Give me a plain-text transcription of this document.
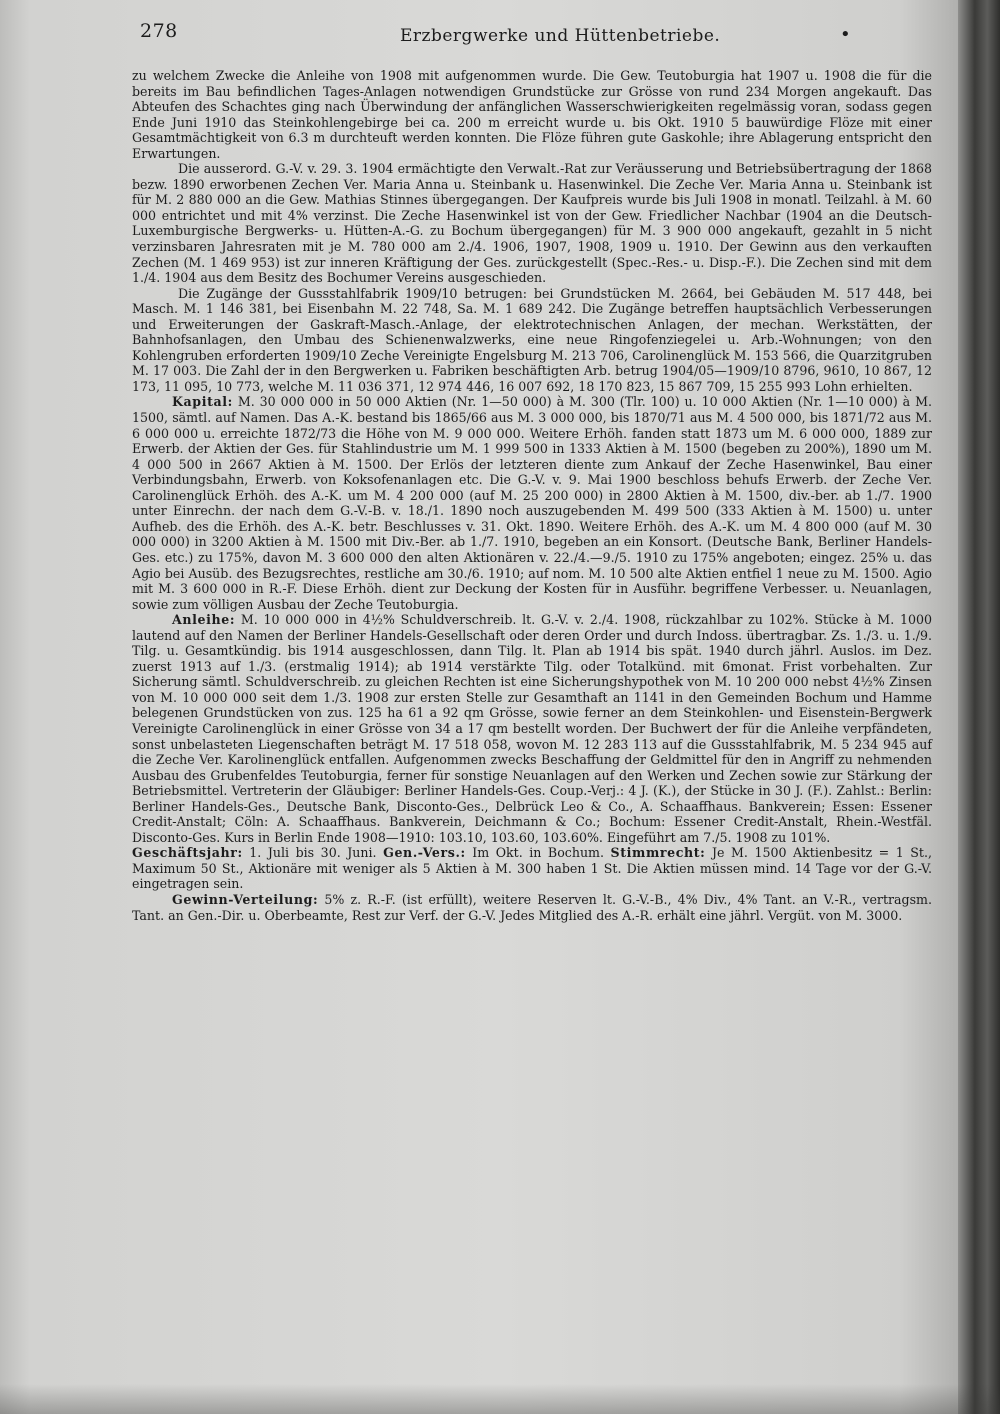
278	Erzbergwerke und Hüttenbetriebe.	•

zu welchem Zwecke die Anleihe von 1908 mit aufgenommen wurde. Die Gew. Teutoburgia hat 1907 u. 1908 die für die bereits im Bau befindlichen Tages-Anlagen notwendigen Grundstücke zur Grösse von rund 234 Morgen angekauft. Das Abteufen des Schachtes ging nach Überwindung der anfänglichen Wasserschwierigkeiten regelmässig voran, sodass gegen Ende Juni 1910 das Steinkohlengebirge bei ca. 200 m erreicht wurde u. bis Okt. 1910 5 bauwürdige Flöze mit einer Gesamtmächtigkeit von 6.3 m durchteuft werden konnten. Die Flöze führen gute Gaskohle; ihre Ablagerung entspricht den Erwartungen.

Die ausserord. G.-V. v. 29. 3. 1904 ermächtigte den Verwalt.-Rat zur Veräusserung und Betriebsübertragung der 1868 bezw. 1890 erworbenen Zechen Ver. Maria Anna u. Steinbank u. Hasenwinkel. Die Zeche Ver. Maria Anna u. Steinbank ist für M. 2 880 000 an die Gew. Mathias Stinnes übergegangen. Der Kaufpreis wurde bis Juli 1908 in monatl. Teilzahl. à M. 60 000 entrichtet und mit 4% verzinst. Die Zeche Hasenwinkel ist von der Gew. Friedlicher Nachbar (1904 an die Deutsch-Luxemburgische Bergwerks- u. Hütten-A.-G. zu Bochum übergegangen) für M. 3 900 000 angekauft, gezahlt in 5 nicht verzinsbaren Jahresraten mit je M. 780 000 am 2./4. 1906, 1907, 1908, 1909 u. 1910. Der Gewinn aus den verkauften Zechen (M. 1 469 953) ist zur inneren Kräftigung der Ges. zurückgestellt (Spec.-Res.- u. Disp.-F.). Die Zechen sind mit dem 1./4. 1904 aus dem Besitz des Bochumer Vereins ausgeschieden.

Die Zugänge der Gussstahlfabrik 1909/10 betrugen: bei Grundstücken M. 2664, bei Gebäuden M. 517 448, bei Masch. M. 1 146 381, bei Eisenbahn M. 22 748, Sa. M. 1 689 242. Die Zugänge betreffen hauptsächlich Verbesserungen und Erweiterungen der Gaskraft-Masch.-Anlage, der elektrotechnischen Anlagen, der mechan. Werkstätten, der Bahnhofsanlagen, den Umbau des Schienenwalzwerks, eine neue Ringofenziegelei u. Arb.-Wohnungen; von den Kohlengruben erforderten 1909/10 Zeche Vereinigte Engelsburg M. 213 706, Carolinenglück M. 153 566, die Quarzitgruben M. 17 003. Die Zahl der in den Bergwerken u. Fabriken beschäftigten Arb. betrug 1904/05—1909/10 8796, 9610, 10 867, 12 173, 11 095, 10 773, welche M. 11 036 371, 12 974 446, 16 007 692, 18 170 823, 15 867 709, 15 255 993 Lohn erhielten.

Kapital: M. 30 000 000 in 50 000 Aktien (Nr. 1—50 000) à M. 300 (Tlr. 100) u. 10 000 Aktien (Nr. 1—10 000) à M. 1500, sämtl. auf Namen. Das A.-K. bestand bis 1865/66 aus M. 3 000 000, bis 1870/71 aus M. 4 500 000, bis 1871/72 aus M. 6 000 000 u. erreichte 1872/73 die Höhe von M. 9 000 000. Weitere Erhöh. fanden statt 1873 um M. 6 000 000, 1889 zur Erwerb. der Aktien der Ges. für Stahlindustrie um M. 1 999 500 in 1333 Aktien à M. 1500 (begeben zu 200%), 1890 um M. 4 000 500 in 2667 Aktien à M. 1500. Der Erlös der letzteren diente zum Ankauf der Zeche Hasenwinkel, Bau einer Verbindungsbahn, Erwerb. von Koksofenanlagen etc. Die G.-V. v. 9. Mai 1900 beschloss behufs Erwerb. der Zeche Ver. Carolinenglück Erhöh. des A.-K. um M. 4 200 000 (auf M. 25 200 000) in 2800 Aktien à M. 1500, div.-ber. ab 1./7. 1900 unter Einrechn. der nach dem G.-V.-B. v. 18./1. 1890 noch auszugebenden M. 499 500 (333 Aktien à M. 1500) u. unter Aufheb. des die Erhöh. des A.-K. betr. Beschlusses v. 31. Okt. 1890. Weitere Erhöh. des A.-K. um M. 4 800 000 (auf M. 30 000 000) in 3200 Aktien à M. 1500 mit Div.-Ber. ab 1./7. 1910, begeben an ein Konsort. (Deutsche Bank, Berliner Handels-Ges. etc.) zu 175%, davon M. 3 600 000 den alten Aktionären v. 22./4.—9./5. 1910 zu 175% angeboten; eingez. 25% u. das Agio bei Ausüb. des Bezugsrechtes, restliche am 30./6. 1910; auf nom. M. 10 500 alte Aktien entfiel 1 neue zu M. 1500. Agio mit M. 3 600 000 in R.-F. Diese Erhöh. dient zur Deckung der Kosten für in Ausführ. begriffene Verbesser. u. Neuanlagen, sowie zum völligen Ausbau der Zeche Teutoburgia.

Anleihe: M. 10 000 000 in 4½% Schuldverschreib. lt. G.-V. v. 2./4. 1908, rückzahlbar zu 102%. Stücke à M. 1000 lautend auf den Namen der Berliner Handels-Gesellschaft oder deren Order und durch Indoss. übertragbar. Zs. 1./3. u. 1./9. Tilg. u. Gesamtkündig. bis 1914 ausgeschlossen, dann Tilg. lt. Plan ab 1914 bis spät. 1940 durch jährl. Auslos. im Dez. zuerst 1913 auf 1./3. (erstmalig 1914); ab 1914 verstärkte Tilg. oder Totalkünd. mit 6monat. Frist vorbehalten. Zur Sicherung sämtl. Schuldverschreib. zu gleichen Rechten ist eine Sicherungshypothek von M. 10 200 000 nebst 4½% Zinsen von M. 10 000 000 seit dem 1./3. 1908 zur ersten Stelle zur Gesamthaft an 1141 in den Gemeinden Bochum und Hamme belegenen Grundstücken von zus. 125 ha 61 a 92 qm Grösse, sowie ferner an dem Steinkohlen- und Eisenstein-Bergwerk Vereinigte Carolinenglück in einer Grösse von 34 a 17 qm bestellt worden. Der Buchwert der für die Anleihe verpfändeten, sonst unbelasteten Liegenschaften beträgt M. 17 518 058, wovon M. 12 283 113 auf die Gussstahlfabrik, M. 5 234 945 auf die Zeche Ver. Karolinenglück entfallen. Aufgenommen zwecks Beschaffung der Geldmittel für den in Angriff zu nehmenden Ausbau des Grubenfeldes Teutoburgia, ferner für sonstige Neuanlagen auf den Werken und Zechen sowie zur Stärkung der Betriebsmittel. Vertreterin der Gläubiger: Berliner Handels-Ges. Coup.-Verj.: 4 J. (K.), der Stücke in 30 J. (F.). Zahlst.: Berlin: Berliner Handels-Ges., Deutsche Bank, Disconto-Ges., Delbrück Leo & Co., A. Schaaffhaus. Bankverein; Essen: Essener Credit-Anstalt; Cöln: A. Schaaffhaus. Bankverein, Deichmann & Co.; Bochum: Essener Credit-Anstalt, Rhein.-Westfäl. Disconto-Ges. Kurs in Berlin Ende 1908—1910: 103.10, 103.60, 103.60%. Eingeführt am 7./5. 1908 zu 101%.

Geschäftsjahr: 1. Juli bis 30. Juni. Gen.-Vers.: Im Okt. in Bochum. Stimmrecht: Je M. 1500 Aktienbesitz = 1 St., Maximum 50 St., Aktionäre mit weniger als 5 Aktien à M. 300 haben 1 St. Die Aktien müssen mind. 14 Tage vor der G.-V. eingetragen sein.

Gewinn-Verteilung: 5% z. R.-F. (ist erfüllt), weitere Reserven lt. G.-V.-B., 4% Div., 4% Tant. an V.-R., vertragsm. Tant. an Gen.-Dir. u. Oberbeamte, Rest zur Verf. der G.-V. Jedes Mitglied des A.-R. erhält eine jährl. Vergüt. von M. 3000.
